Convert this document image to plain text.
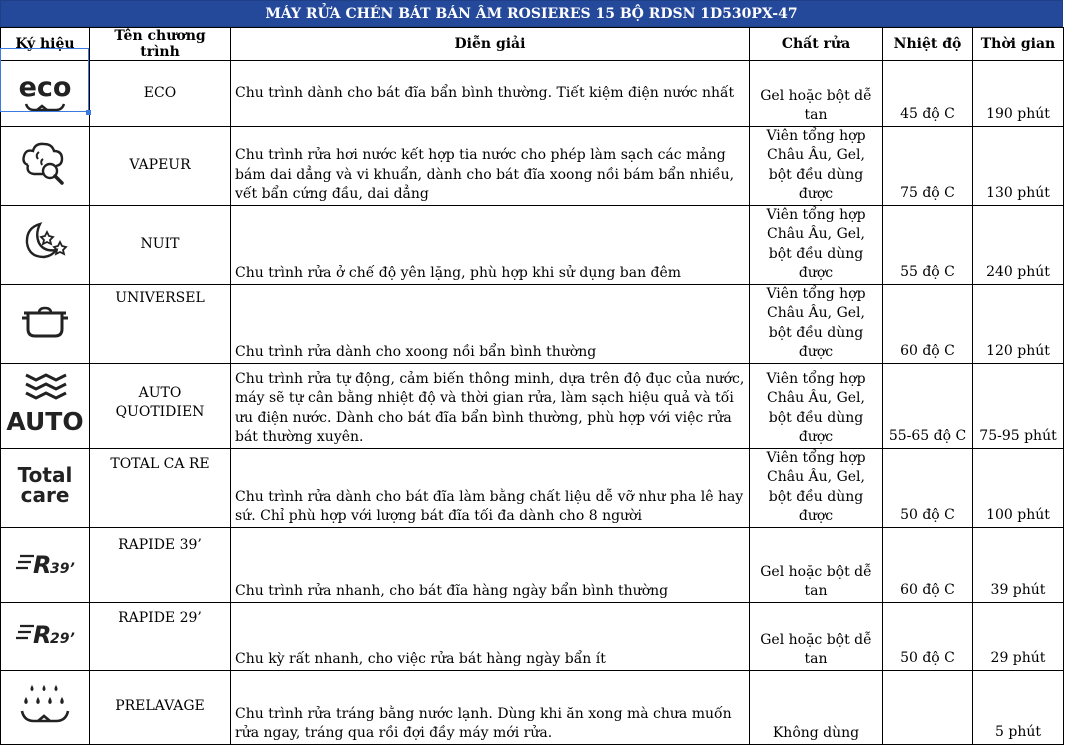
MÁY RỬA CHÉN BÁT BÁN ÂM ROSIERES 15 BỘ RDSN 1D530PX-47
Ký hiệu	Tên chương trình	Diễn giải	Chất rửa	Nhiệt độ	Thời gian

eco	ECO	Chu trình dành cho bát đĩa bẩn bình thường. Tiết kiệm điện nước nhất	Gel hoặc bột dễ tan	45 độ C	190 phút

	VAPEUR	Chu trình rửa hơi nước kết hợp tia nước cho phép làm sạch các mảng bám dai dẳng và vi khuẩn, dành cho bát đĩa xoong nồi bám bẩn nhiều, vết bẩn cứng đầu, dai dẳng	Viên tổng hợp Châu Âu, Gel, bột đều dùng được	75 độ C	130 phút

	NUIT	Chu trình rửa ở chế độ yên lặng, phù hợp khi sử dụng ban đêm	Viên tổng hợp Châu Âu, Gel, bột đều dùng được	55 độ C	240 phút

	UNIVERSEL	Chu trình rửa dành cho xoong nồi bẩn bình thường	Viên tổng hợp Châu Âu, Gel, bột đều dùng được	60 độ C	120 phút

AUTO	AUTO QUOTIDIEN	Chu trình rửa tự động, cảm biến thông minh, dựa trên độ đục của nước, máy sẽ tự cân bằng nhiệt độ và thời gian rửa, làm sạch hiệu quả và tối ưu điện nước. Dành cho bát đĩa bẩn bình thường, phù hợp với việc rửa bát thường xuyên.	Viên tổng hợp Châu Âu, Gel, bột đều dùng được	55-65 độ C	75-95 phút

Total
care	TOTAL CA RE	Chu trình rửa dành cho bát đĩa làm bằng chất liệu dễ vỡ như pha lê hay sứ. Chỉ phù hợp với lượng bát đĩa tối đa dành cho 8 người	Viên tổng hợp Châu Âu, Gel, bột đều dùng được	50 độ C	100 phút

R
39’	RAPIDE 39’	Chu trình rửa nhanh, cho bát đĩa hàng ngày bẩn bình thường	Gel hoặc bột dễ tan	60 độ C	39 phút

R
29’	RAPIDE 29’	Chu kỳ rất nhanh, cho việc rửa bát hàng ngày bẩn ít	Gel hoặc bột dễ tan	50 độ C	29 phút

	PRELAVAGE	Chu trình rửa tráng bằng nước lạnh. Dùng khi ăn xong mà chưa muốn rửa ngay, tráng qua rồi đợi đầy máy mới rửa.	Không dùng		5 phút
